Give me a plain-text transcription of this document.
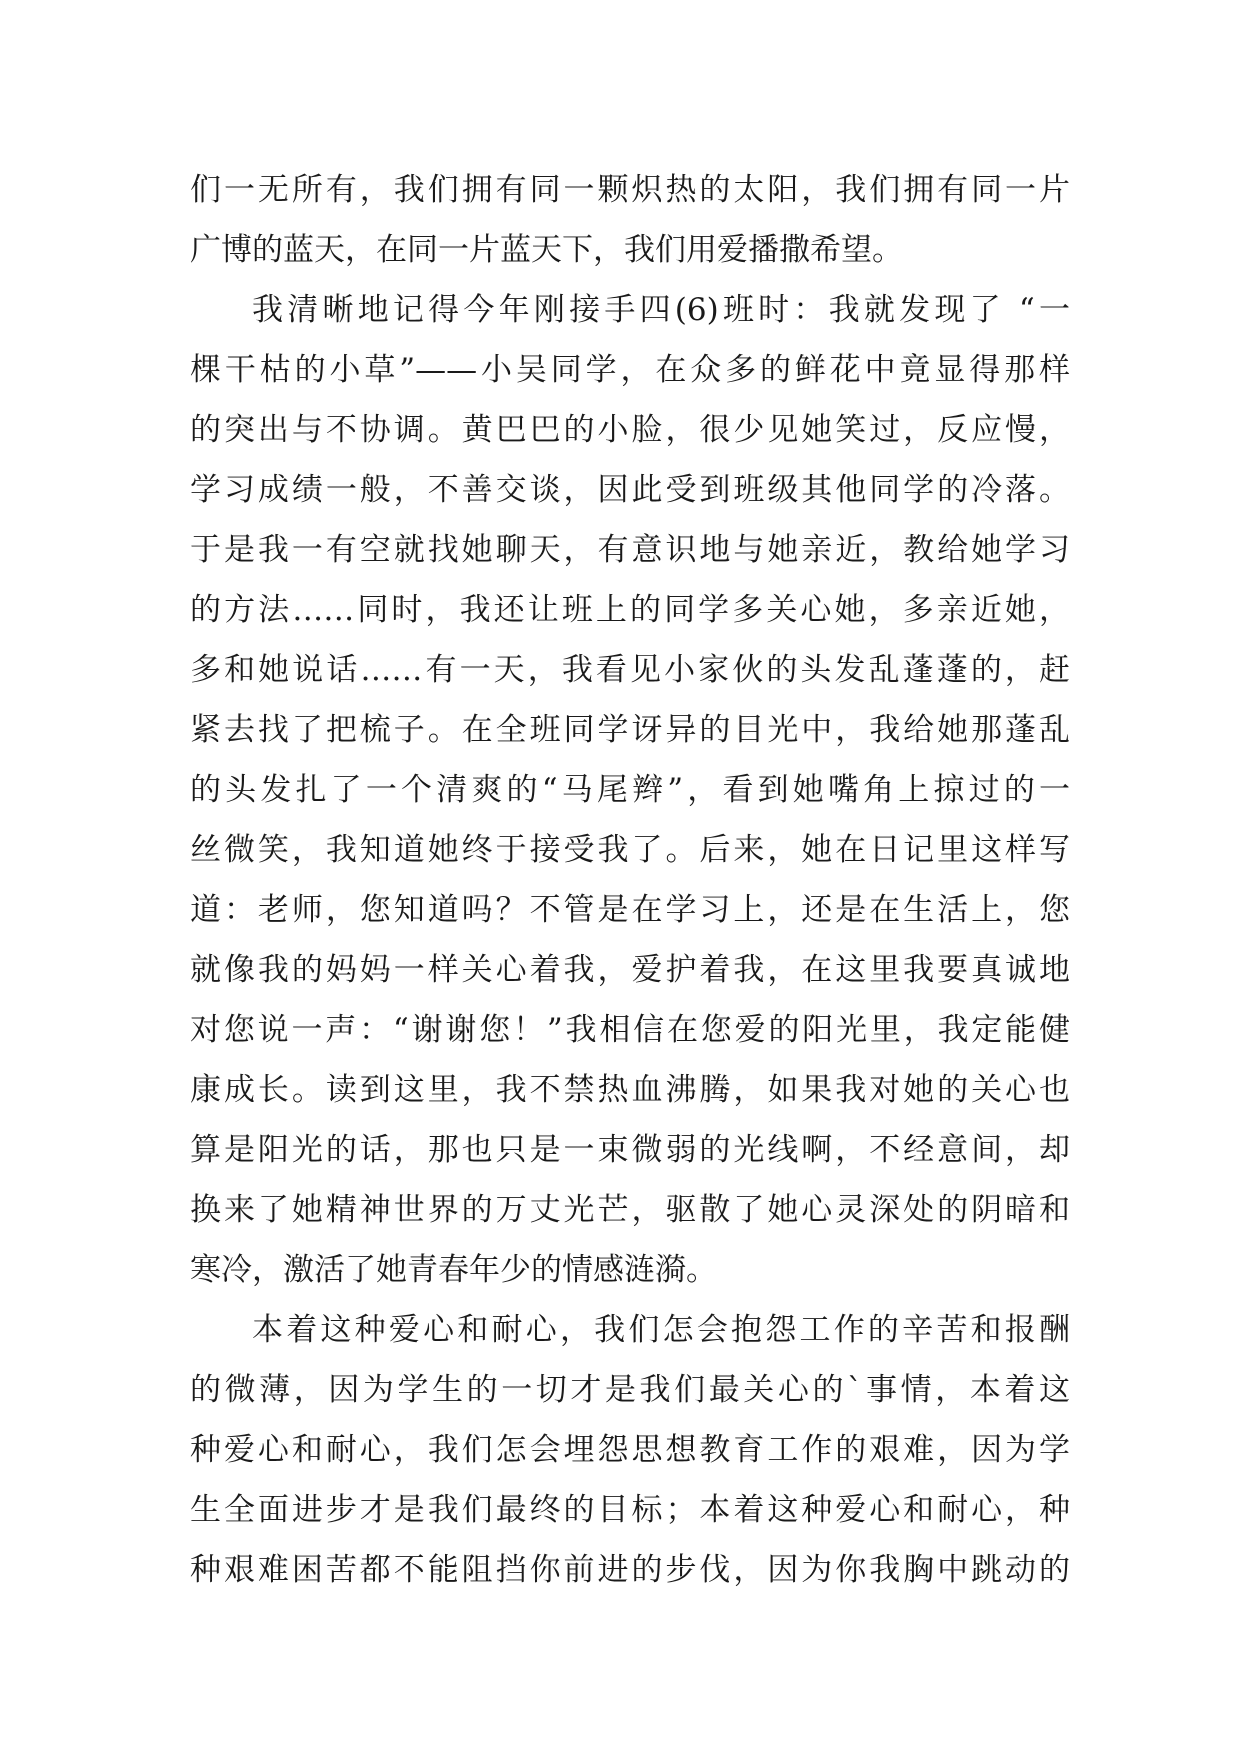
们一无所有，我们拥有同一颗炽热的太阳，我们拥有同一片
广博的蓝天，在同一片蓝天下，我们用爱播撒希望。
我清晰地记得今年刚接手四(6)班时：我就发现了 “一
棵干枯的小草”——小吴同学，在众多的鲜花中竟显得那样
的突出与不协调。黄巴巴的小脸，很少见她笑过，反应慢，
学习成绩一般，不善交谈，因此受到班级其他同学的冷落。
于是我一有空就找她聊天，有意识地与她亲近，教给她学习
的方法……同时，我还让班上的同学多关心她，多亲近她，
多和她说话……有一天，我看见小家伙的头发乱蓬蓬的，赶
紧去找了把梳子。在全班同学讶异的目光中，我给她那蓬乱
的头发扎了一个清爽的“马尾辫”，看到她嘴角上掠过的一
丝微笑，我知道她终于接受我了。后来，她在日记里这样写
道：老师，您知道吗？不管是在学习上，还是在生活上，您
就像我的妈妈一样关心着我，爱护着我，在这里我要真诚地
对您说一声：“谢谢您！”我相信在您爱的阳光里，我定能健
康成长。读到这里，我不禁热血沸腾，如果我对她的关心也
算是阳光的话，那也只是一束微弱的光线啊，不经意间，却
换来了她精神世界的万丈光芒，驱散了她心灵深处的阴暗和
寒冷，激活了她青春年少的情感涟漪。
本着这种爱心和耐心，我们怎会抱怨工作的辛苦和报酬
的微薄，因为学生的一切才是我们最关心的`事情，本着这
种爱心和耐心，我们怎会埋怨思想教育工作的艰难，因为学
生全面进步才是我们最终的目标；本着这种爱心和耐心，种
种艰难困苦都不能阻挡你前进的步伐，因为你我胸中跳动的
